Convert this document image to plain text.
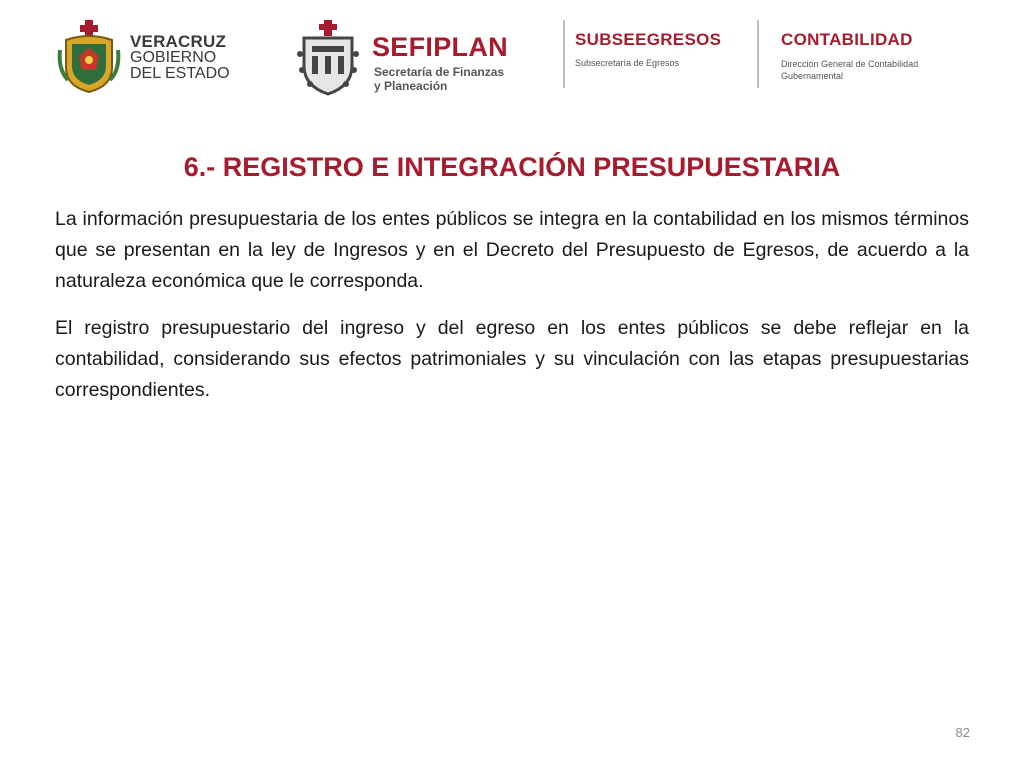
VERACRUZ
GOBIERNO
DEL ESTADO
SEFIPLAN
Secretaría de Finanzas
y Planeación
SUBSEEGRESOS
Subsecretaría de Egresos
CONTABILIDAD
Dirección General de Contabilidad
Gubernamental
6.- REGISTRO E INTEGRACIÓN PRESUPUESTARIA

La información presupuestaria de los entes públicos se integra en la contabilidad en los mismos términos que se presentan en la ley de Ingresos y en el Decreto del Presupuesto de Egresos, de acuerdo a la naturaleza económica que le corresponda.

El registro presupuestario del ingreso y del egreso en los entes públicos se debe reflejar en la contabilidad, considerando sus efectos patrimoniales y su vinculación con las etapas presupuestarias correspondientes.

82
